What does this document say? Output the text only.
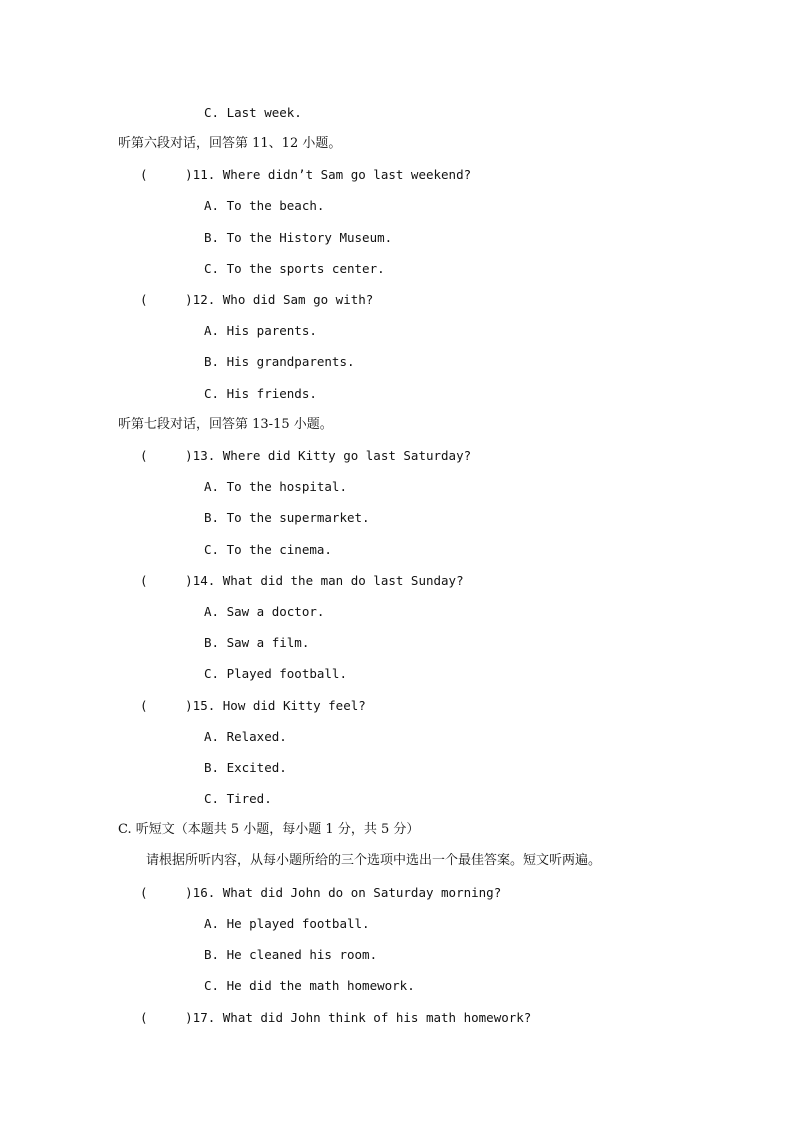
C. Last week.
听第六段对话，回答第 11、12 小题。
(     )11. Where didn’t Sam go last weekend?
A. To the beach.
B. To the History Museum.
C. To the sports center.
(     )12. Who did Sam go with?
A. His parents.
B. His grandparents.
C. His friends.
听第七段对话，回答第 13-15 小题。
(     )13. Where did Kitty go last Saturday?
A. To the hospital.
B. To the supermarket.
C. To the cinema.
(     )14. What did the man do last Sunday?
A. Saw a doctor.
B. Saw a film.
C. Played football.
(     )15. How did Kitty feel?
A. Relaxed.
B. Excited.
C. Tired.
C. 听短文（本题共 5 小题，每小题 1 分，共 5 分）
请根据所听内容，从每小题所给的三个选项中选出一个最佳答案。短文听两遍。
(     )16. What did John do on Saturday morning?
A. He played football.
B. He cleaned his room.
C. He did the math homework.
(     )17. What did John think of his math homework?
